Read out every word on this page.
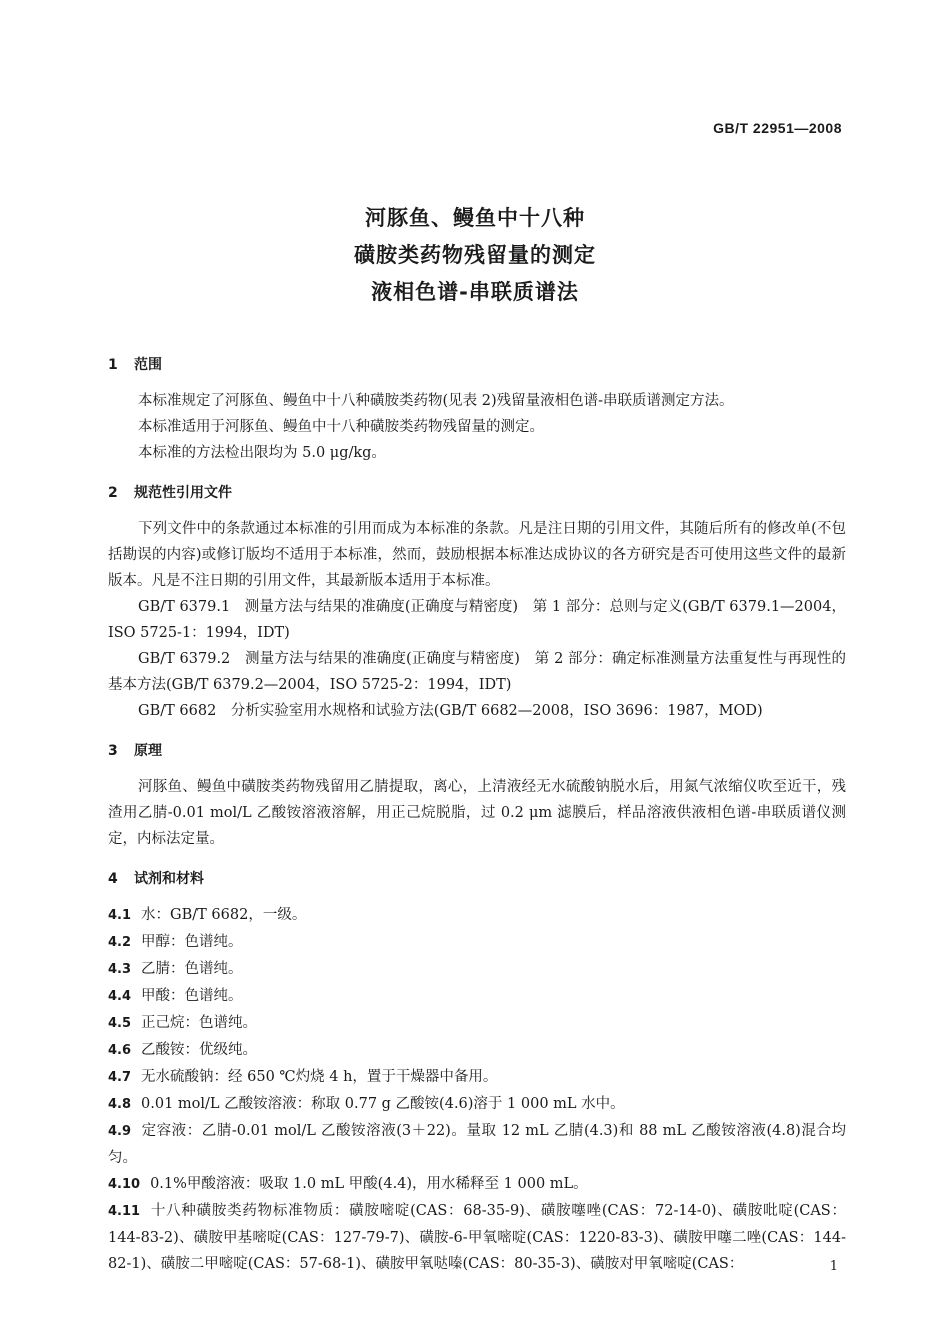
GB/T 22951—2008
河豚鱼、鳗鱼中十八种
磺胺类药物残留量的测定
液相色谱-串联质谱法
1 范围

本标准规定了河豚鱼、鳗鱼中十八种磺胺类药物(见表 2)残留量液相色谱-串联质谱测定方法。

本标准适用于河豚鱼、鳗鱼中十八种磺胺类药物残留量的测定。

本标准的方法检出限均为 5.0 μg/kg。

2 规范性引用文件

下列文件中的条款通过本标准的引用而成为本标准的条款。凡是注日期的引用文件，其随后所有的修改单(不包括勘误的内容)或修订版均不适用于本标准，然而，鼓励根据本标准达成协议的各方研究是否可使用这些文件的最新版本。凡是不注日期的引用文件，其最新版本适用于本标准。

GB/T 6379.1　测量方法与结果的准确度(正确度与精密度)　第 1 部分：总则与定义(GB/T 6379.1—2004，ISO 5725-1：1994，IDT)

GB/T 6379.2　测量方法与结果的准确度(正确度与精密度)　第 2 部分：确定标准测量方法重复性与再现性的基本方法(GB/T 6379.2—2004，ISO 5725-2：1994，IDT)

GB/T 6682　分析实验室用水规格和试验方法(GB/T 6682—2008，ISO 3696：1987，MOD)

3 原理

河豚鱼、鳗鱼中磺胺类药物残留用乙腈提取，离心，上清液经无水硫酸钠脱水后，用氮气浓缩仪吹至近干，残渣用乙腈-0.01 mol/L 乙酸铵溶液溶解，用正己烷脱脂，过 0.2 μm 滤膜后，样品溶液供液相色谱-串联质谱仪测定，内标法定量。

4 试剂和材料

4.1 水：GB/T 6682，一级。

4.2 甲醇：色谱纯。

4.3 乙腈：色谱纯。

4.4 甲酸：色谱纯。

4.5 正己烷：色谱纯。

4.6 乙酸铵：优级纯。

4.7 无水硫酸钠：经 650 ℃灼烧 4 h，置于干燥器中备用。

4.8 0.01 mol/L 乙酸铵溶液：称取 0.77 g 乙酸铵(4.6)溶于 1 000 mL 水中。

4.9 定容液：乙腈-0.01 mol/L 乙酸铵溶液(3＋22)。量取 12 mL 乙腈(4.3)和 88 mL 乙酸铵溶液(4.8)混合均匀。

4.10 0.1%甲酸溶液：吸取 1.0 mL 甲酸(4.4)，用水稀释至 1 000 mL。

4.11 十八种磺胺类药物标准物质：磺胺嘧啶(CAS：68-35-9)、磺胺噻唑(CAS：72-14-0)、磺胺吡啶(CAS：144-83-2)、磺胺甲基嘧啶(CAS：127-79-7)、磺胺-6-甲氧嘧啶(CAS：1220-83-3)、磺胺甲噻二唑(CAS：144-82-1)、磺胺二甲嘧啶(CAS：57-68-1)、磺胺甲氧哒嗪(CAS：80-35-3)、磺胺对甲氧嘧啶(CAS：	1
